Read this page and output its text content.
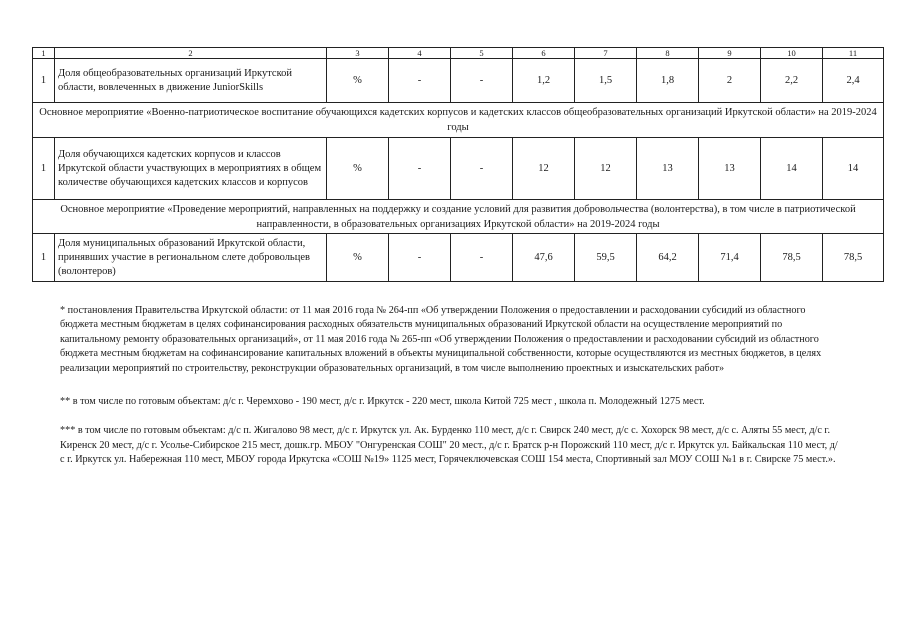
1	2	3	4	5	6	7	8	9	10	11
1	Доля общеобразовательных организаций Иркутской области, вовлеченных в движение JuniorSkills	%	-	-	1,2	1,5	1,8	2	2,2	2,4
Основное мероприятие «Военно-патриотическое воспитание обучающихся кадетских корпусов и кадетских классов общеобразовательных организаций Иркутской области» на 2019-2024 годы										
1	Доля обучающихся кадетских корпусов и классов Иркутской области участвующих в мероприятиях в общем количестве обучающихся кадетских классов и корпусов	%	-	-	12	12	13	13	14	14
Основное мероприятие «Проведение мероприятий, направленных на поддержку и создание условий для развития добровольчества (волонтерства), в том числе в патриотической направленности, в образовательных организациях Иркутской области» на 2019-2024 годы										
1	Доля муниципальных образований Иркутской области, принявших участие в региональном слете добровольцев (волонтеров)	%	-	-	47,6	59,5	64,2	71,4	78,5	78,5

* постановления Правительства Иркутской области: от 11 мая 2016 года № 264-пп «Об утверждении Положения о предоставлении и расходовании субсидий из областного бюджета местным бюджетам в целях софинансирования расходных обязательств муниципальных образований Иркутской области на осуществление мероприятий по капитальному ремонту образовательных организаций», от 11 мая 2016 года № 265-пп «Об утверждении Положения о предоставлении и расходовании субсидий из областного бюджета местным бюджетам на софинансирование капитальных вложений в объекты муниципальной собственности, которые осуществляются из местных бюджетов, в целях реализации мероприятий по строительству, реконструкции образовательных организаций, в том числе выполнению проектных и изыскательских работ»

** в том числе по готовым объектам: д/с г. Черемхово - 190 мест, д/с г. Иркутск - 220 мест, школа Китой 725 мест , школа п. Молодежный 1275 мест.

*** в том числе по готовым объектам: д/с п. Жигалово 98 мест, д/с г. Иркутск ул. Ак. Бурденко 110 мест, д/с г. Свирск 240 мест, д/с с. Хохорск 98 мест, д/с с. Аляты 55 мест, д/с г. Киренск 20 мест, д/с г. Усолье-Сибирское 215 мест, дошк.гр. МБОУ "Онгуренская СОШ" 20 мест., д/с г. Братск р-н Порожский 110 мест, д/с г. Иркутск ул. Байкальская 110 мест, д/с г. Иркутск ул. Набережная 110 мест, МБОУ города Иркутска «СОШ №19» 1125 мест, Горячеключевская СОШ 154 места, Спортивный зал МОУ СОШ №1 в г. Свирске 75 мест.».
